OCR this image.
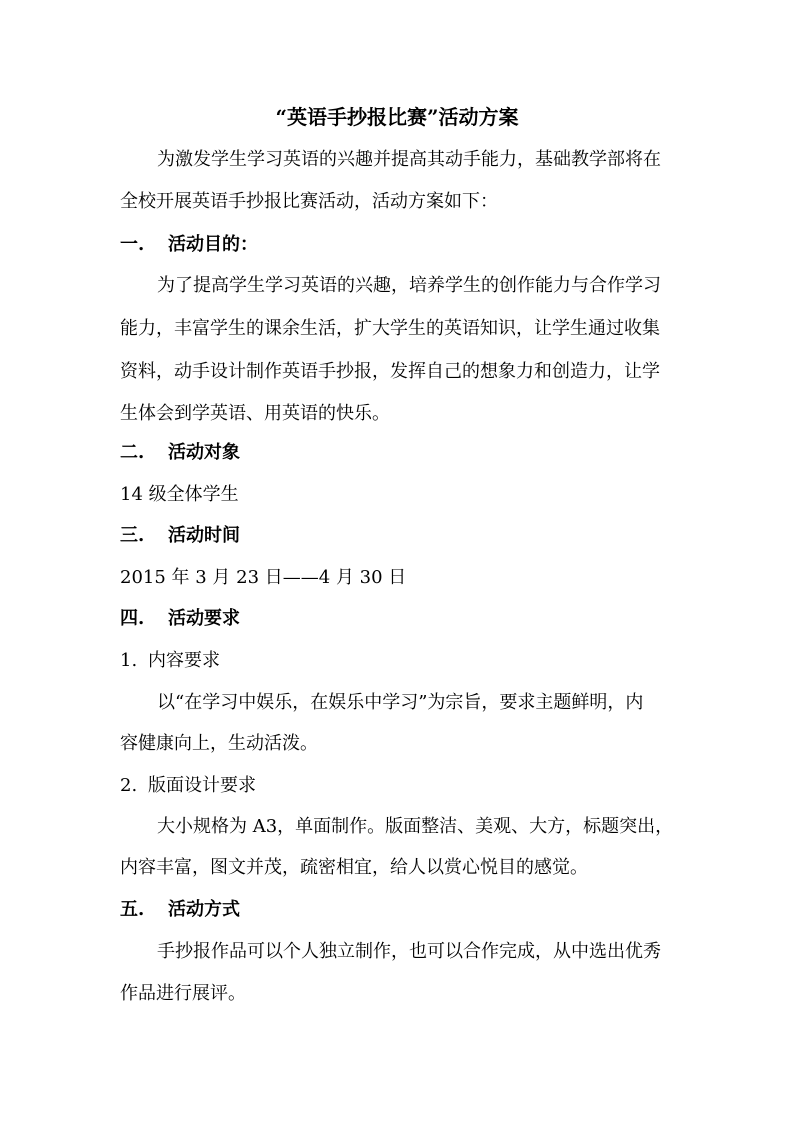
“英语手抄报比赛”活动方案
为激发学生学习英语的兴趣并提高其动手能力，基础教学部将在
全校开展英语手抄报比赛活动，活动方案如下：
一. 活动目的：
为了提高学生学习英语的兴趣，培养学生的创作能力与合作学习
能力，丰富学生的课余生活，扩大学生的英语知识，让学生通过收集
资料，动手设计制作英语手抄报，发挥自己的想象力和创造力，让学
生体会到学英语、用英语的快乐。
二. 活动对象
14 级全体学生
三. 活动时间
2015 年 3 月 23 日——4 月 30 日
四. 活动要求
1. 内容要求
以“在学习中娱乐，在娱乐中学习”为宗旨，要求主题鲜明，内
容健康向上，生动活泼。
2. 版面设计要求
大小规格为 A3，单面制作。版面整洁、美观、大方，标题突出，
内容丰富，图文并茂，疏密相宜，给人以赏心悦目的感觉。
五. 活动方式
手抄报作品可以个人独立制作，也可以合作完成，从中选出优秀
作品进行展评。
